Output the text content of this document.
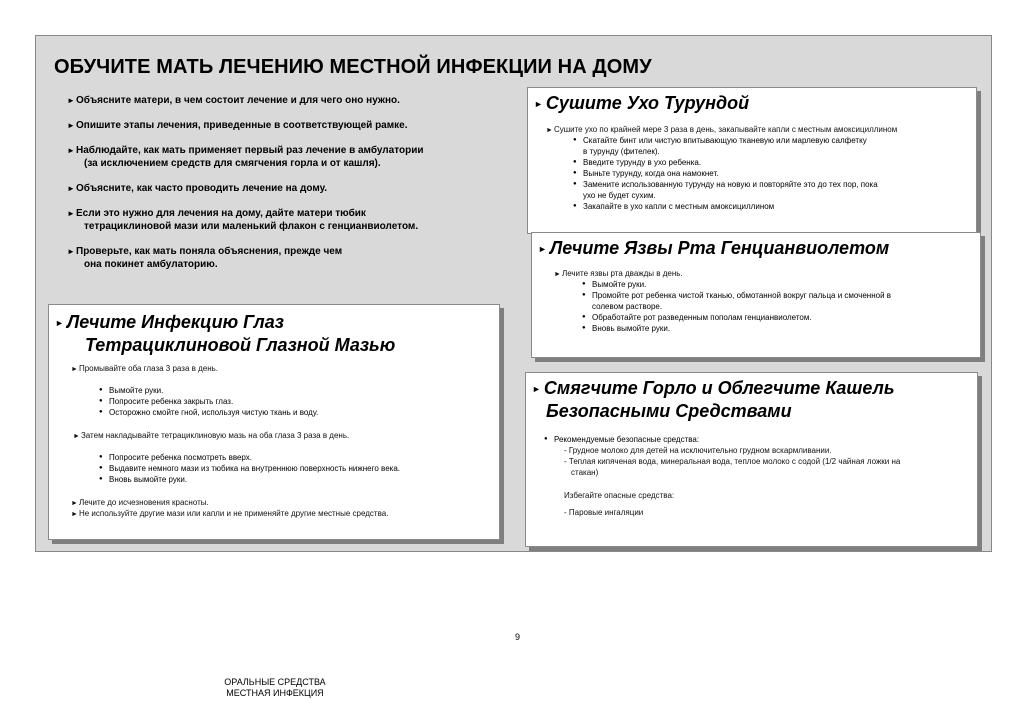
ОБУЧИТЕ МАТЬ ЛЕЧЕНИЮ МЕСТНОЙ ИНФЕКЦИИ НА ДОМУ
► Объясните матери, в чем состоит лечение и для чего оно нужно.
► Опишите этапы лечения, приведенные в соответствующей рамке.
► Наблюдайте, как мать применяет первый раз лечение в амбулатории
(за исключением средств для смягчения горла и от кашля).
► Объясните, как часто проводить лечение на дому.
► Если это нужно для лечения на дому, дайте матери тюбик
тетрациклиновой мази или маленький флакон с генцианвиолетом.
► Проверьте, как мать поняла объяснения, прежде чем
она покинет амбулаторию.
► Сушите Ухо Турундой
►Сушите ухо по крайней мере 3 раза в день, закапывайте капли с местным амоксициллином
● Скатайте бинт или чистую впитывающую тканевую или марлевую салфетку
в турунду (фителек).
● Введите турунду в ухо ребенка.
● Выньте турунду, когда она намокнет.
● Замените использованную турунду на новую и повторяйте это до тех пор, пока
ухо не будет сухим.
● Закапайте в ухо капли с местным амоксициллином
► Лечите Язвы Рта Генцианвиолетом
►Лечите язвы рта дважды в день.
● Вымойте руки.
● Промойте рот ребенка чистой тканью, обмотанной вокруг пальца и смоченной в
солевом растворе.
● Обработайте рот разведенным пополам генцианвиолетом.
● Вновь вымойте руки.
► Лечите Инфекцию Глаз
Тетрациклиновой Глазной Мазью
►Промывайте оба глаза 3 раза в день.
● Вымойте руки.
● Попросите ребенка закрыть глаз.
● Осторожно смойте гной, используя чистую ткань и воду.
►Затем накладывайте тетрациклиновую мазь на оба глаза 3 раза в день.
● Попросите ребенка посмотреть вверх.
● Выдавите немного мази из тюбика на внутреннюю поверхность нижнего века.
● Вновь вымойте руки.
►Лечите до исчезновения красноты.
►Не используйте другие мази или капли и не применяйте другие местные средства.
► Смягчите Горло и Облегчите Кашель
Безопасными Средствами
● Рекомендуемые безопасные средства:
- Грудное молоко для детей на исключительно грудном вскармливании.
- Теплая кипяченая вода, минеральная вода, теплое молоко с содой (1/2 чайная ложки на
стакан)
Избегайте опасные средства:
- Паровые ингаляции
9
ОРАЛЬНЫЕ СРЕДСТВА
МЕСТНАЯ ИНФЕКЦИЯ
